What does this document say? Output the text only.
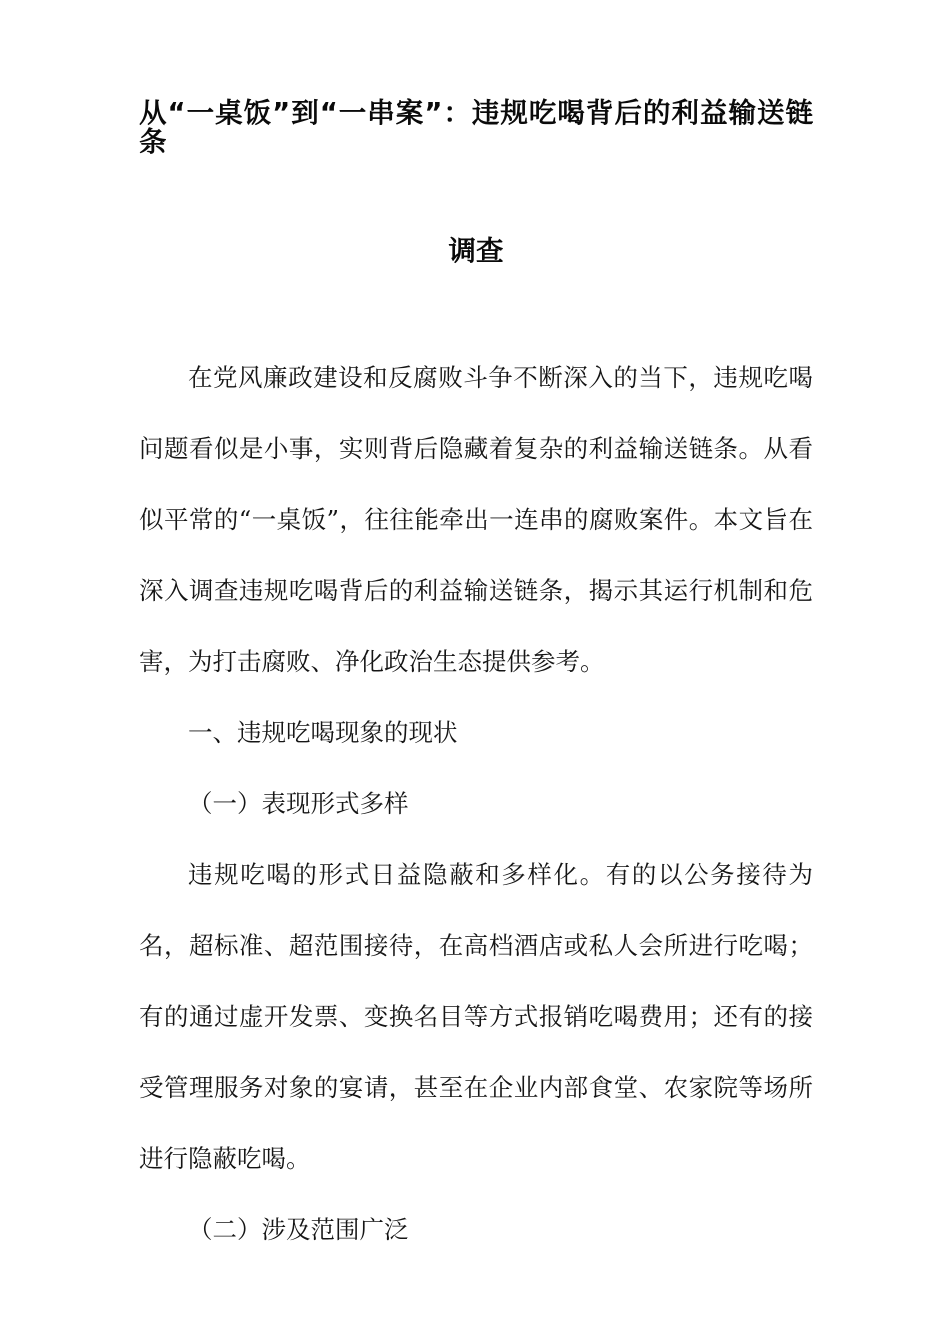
从“一桌饭”到“一串案”：违规吃喝背后的利益输送链条
调查

在党风廉政建设和反腐败斗争不断深入的当下，违规吃喝问题看似是小事，实则背后隐藏着复杂的利益输送链条。从看似平常的“一桌饭”，往往能牵出一连串的腐败案件。本文旨在深入调查违规吃喝背后的利益输送链条，揭示其运行机制和危害，为打击腐败、净化政治生态提供参考。

一、违规吃喝现象的现状

（一）表现形式多样

违规吃喝的形式日益隐蔽和多样化。有的以公务接待为名，超标准、超范围接待，在高档酒店或私人会所进行吃喝；有的通过虚开发票、变换名目等方式报销吃喝费用；还有的接受管理服务对象的宴请，甚至在企业内部食堂、农家院等场所进行隐蔽吃喝。

（二）涉及范围广泛
